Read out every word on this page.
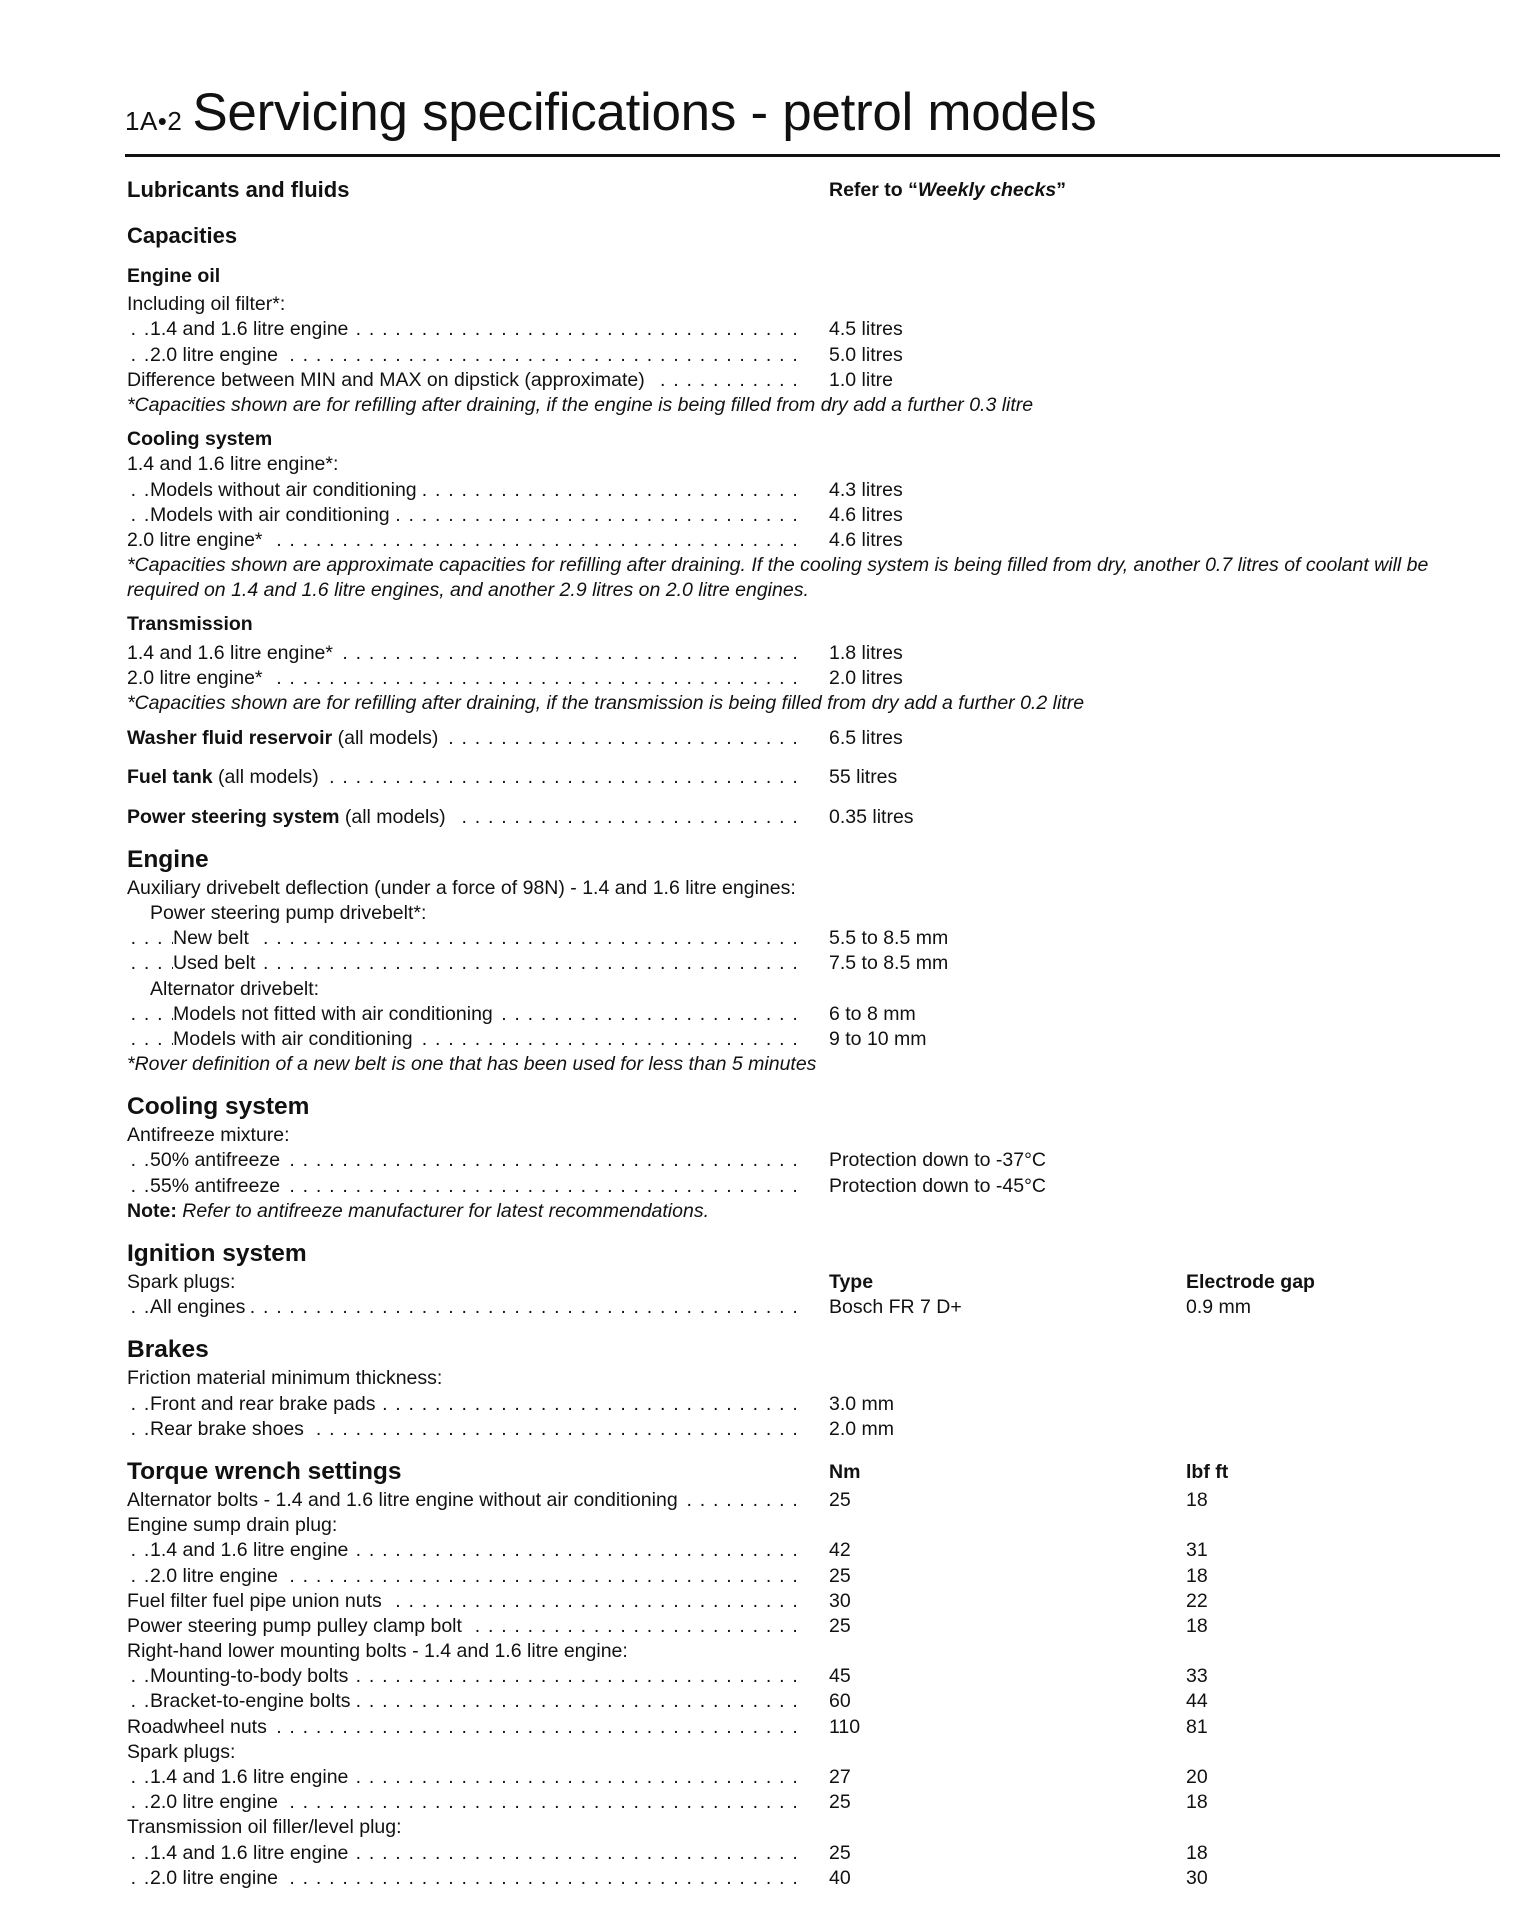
1A•2 Servicing specifications - petrol models
Lubricants and fluids	Refer to “Weekly checks”
Capacities
Engine oil
Including oil filter*:
1.4 and 1.6 litre engine . . .	4.5 litres
2.0 litre engine . . .	5.0 litres
Difference between MIN and MAX on dipstick (approximate) . . .	1.0 litre
*Capacities shown are for refilling after draining, if the engine is being filled from dry add a further 0.3 litre
Cooling system
1.4 and 1.6 litre engine*:
Models without air conditioning . . .	4.3 litres
Models with air conditioning . . .	4.6 litres
2.0 litre engine* . . .	4.6 litres
*Capacities shown are approximate capacities for refilling after draining. If the cooling system is being filled from dry, another 0.7 litres of coolant will be required on 1.4 and 1.6 litre engines, and another 2.9 litres on 2.0 litre engines.
Transmission
1.4 and 1.6 litre engine* . . .	1.8 litres
2.0 litre engine* . . .	2.0 litres
*Capacities shown are for refilling after draining, if the transmission is being filled from dry add a further 0.2 litre
Washer fluid reservoir (all models) . . .	6.5 litres
Fuel tank (all models) . . .	55 litres
Power steering system (all models) . . .	0.35 litres
Engine
Auxiliary drivebelt deflection (under a force of 98N) - 1.4 and 1.6 litre engines:
Power steering pump drivebelt*:
New belt . . .	5.5 to 8.5 mm
Used belt . . .	7.5 to 8.5 mm
Alternator drivebelt:
Models not fitted with air conditioning . . .	6 to 8 mm
Models with air conditioning . . .	9 to 10 mm
*Rover definition of a new belt is one that has been used for less than 5 minutes
Cooling system
Antifreeze mixture:
50% antifreeze . . .	Protection down to -37°C
55% antifreeze . . .	Protection down to -45°C
Note: Refer to antifreeze manufacturer for latest recommendations.
Ignition system
Spark plugs:	Type	Electrode gap
All engines . . .	Bosch FR 7 D+	0.9 mm
Brakes
Friction material minimum thickness:
Front and rear brake pads . . .	3.0 mm
Rear brake shoes . . .	2.0 mm
Torque wrench settings	Nm	lbf ft
Alternator bolts - 1.4 and 1.6 litre engine without air conditioning . . .	25	18
Engine sump drain plug:
1.4 and 1.6 litre engine . . .	42	31
2.0 litre engine . . .	25	18
Fuel filter fuel pipe union nuts . . .	30	22
Power steering pump pulley clamp bolt . . .	25	18
Right-hand lower mounting bolts - 1.4 and 1.6 litre engine:
Mounting-to-body bolts . . .	45	33
Bracket-to-engine bolts . . .	60	44
Roadwheel nuts . . .	110	81
Spark plugs:
1.4 and 1.6 litre engine . . .	27	20
2.0 litre engine . . .	25	18
Transmission oil filler/level plug:
1.4 and 1.6 litre engine . . .	25	18
2.0 litre engine . . .	40	30
